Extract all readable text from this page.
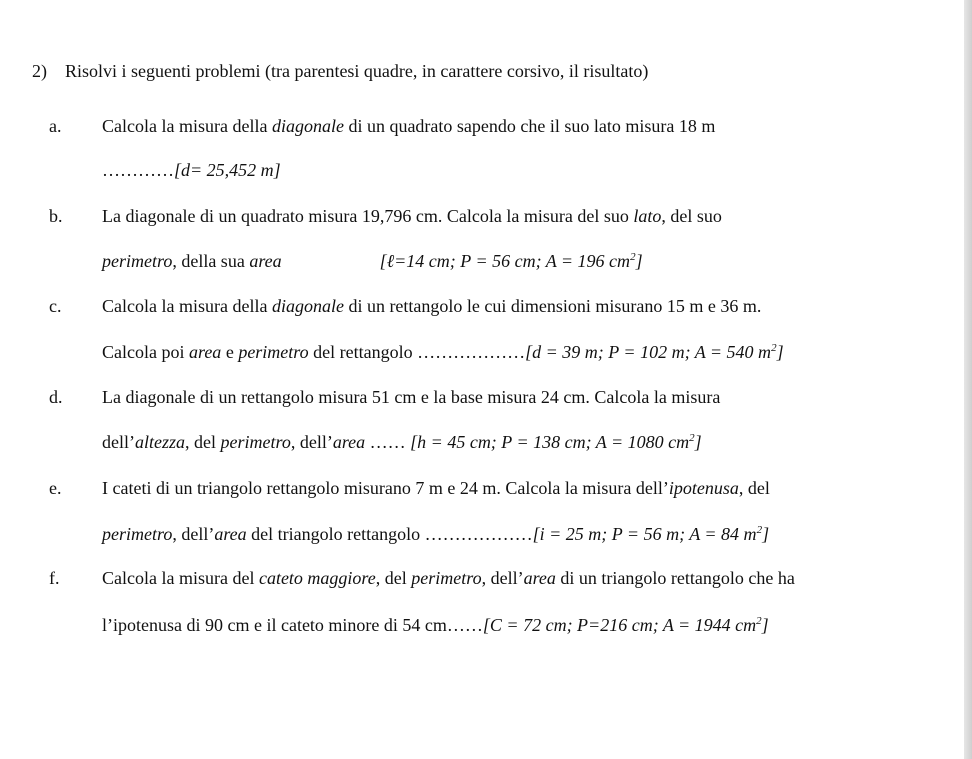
2) Risolvi i seguenti problemi (tra parentesi quadre, in carattere corsivo, il risultato)
a. Calcola la misura della diagonale di un quadrato sapendo che il suo lato misura 18 m
…………[d= 25,452 m]
b. La diagonale di un quadrato misura 19,796 cm. Calcola la misura del suo lato, del suo
perimetro, della sua area	[ℓ=14 cm; P = 56 cm; A = 196 $cm^2$]
c. Calcola la misura della diagonale di un rettangolo le cui dimensioni misurano 15 m e 36 m.
Calcola poi area e perimetro del rettangolo ………………[d = 39 m; P = 102 m; A = 540 $m^2$]
d. La diagonale di un rettangolo misura 51 cm e la base misura 24 cm. Calcola la misura
dell’altezza, del perimetro, dell’area …… [h = 45 cm; P = 138 cm; A = 1080 $cm^2$]
e. I cateti di un triangolo rettangolo misurano 7 m e 24 m. Calcola la misura dell’ipotenusa, del
perimetro, dell’area del triangolo rettangolo ………………[i = 25 m; P = 56 m; A = 84 $m^2$]
f. Calcola la misura del cateto maggiore, del perimetro, dell’area di un triangolo rettangolo che ha
l’ipotenusa di 90 cm e il cateto minore di 54 cm……[C = 72 cm; P=216 cm; A = 1944 $cm^2$]
